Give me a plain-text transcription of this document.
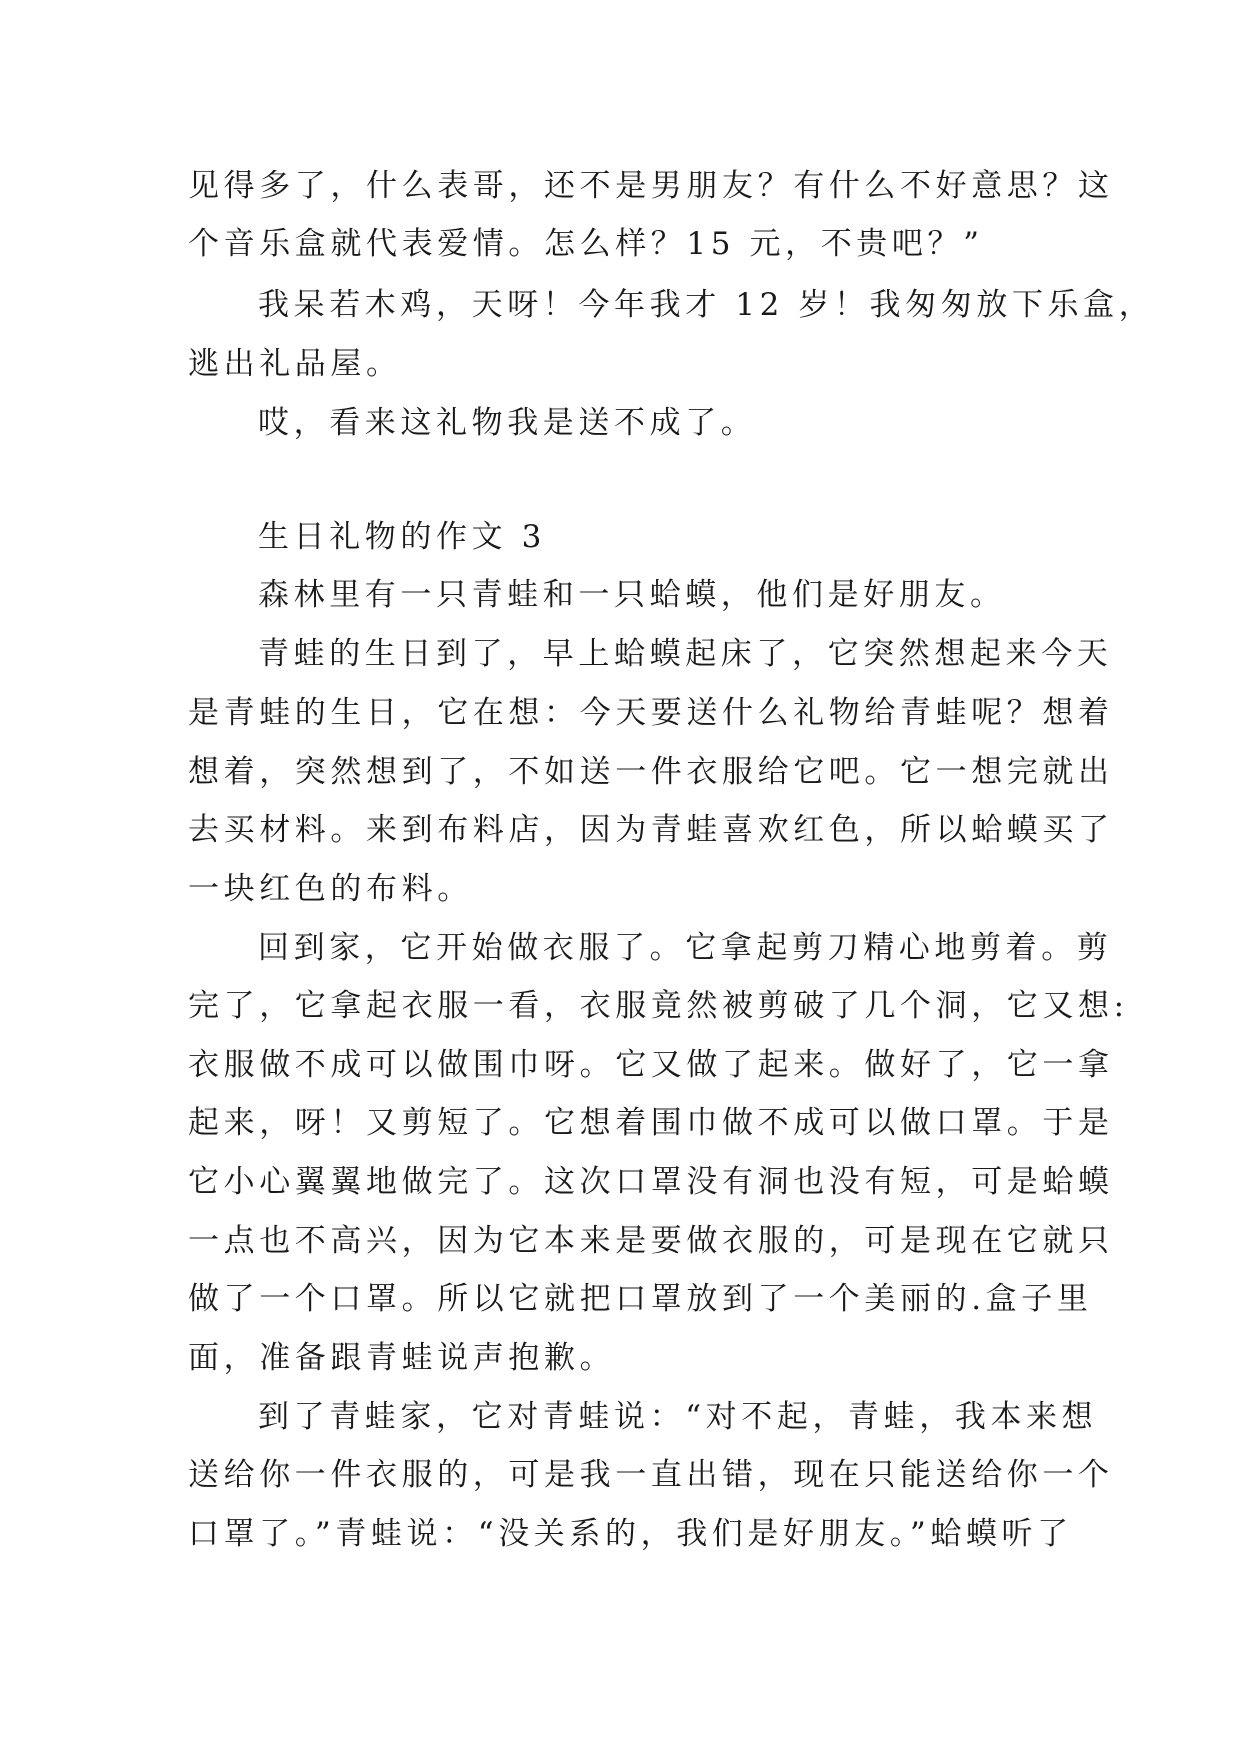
见得多了，什么表哥，还不是男朋友？有什么不好意思？这
个音乐盒就代表爱情。怎么样？15 元，不贵吧？”
我呆若木鸡，天呀！今年我才 12 岁！我匆匆放下乐盒，
逃出礼品屋。
哎，看来这礼物我是送不成了。
生日礼物的作文 3
森林里有一只青蛙和一只蛤蟆，他们是好朋友。
青蛙的生日到了，早上蛤蟆起床了，它突然想起来今天
是青蛙的生日，它在想：今天要送什么礼物给青蛙呢？想着
想着，突然想到了，不如送一件衣服给它吧。它一想完就出
去买材料。来到布料店，因为青蛙喜欢红色，所以蛤蟆买了
一块红色的布料。
回到家，它开始做衣服了。它拿起剪刀精心地剪着。剪
完了，它拿起衣服一看，衣服竟然被剪破了几个洞，它又想:
衣服做不成可以做围巾呀。它又做了起来。做好了，它一拿
起来，呀！又剪短了。它想着围巾做不成可以做口罩。于是
它小心翼翼地做完了。这次口罩没有洞也没有短，可是蛤蟆
一点也不高兴，因为它本来是要做衣服的，可是现在它就只
做了一个口罩。所以它就把口罩放到了一个美丽的.盒子里
面，准备跟青蛙说声抱歉。
到了青蛙家，它对青蛙说：“对不起，青蛙，我本来想
送给你一件衣服的，可是我一直出错，现在只能送给你一个
口罩了。”青蛙说：“没关系的，我们是好朋友。”蛤蟆听了
